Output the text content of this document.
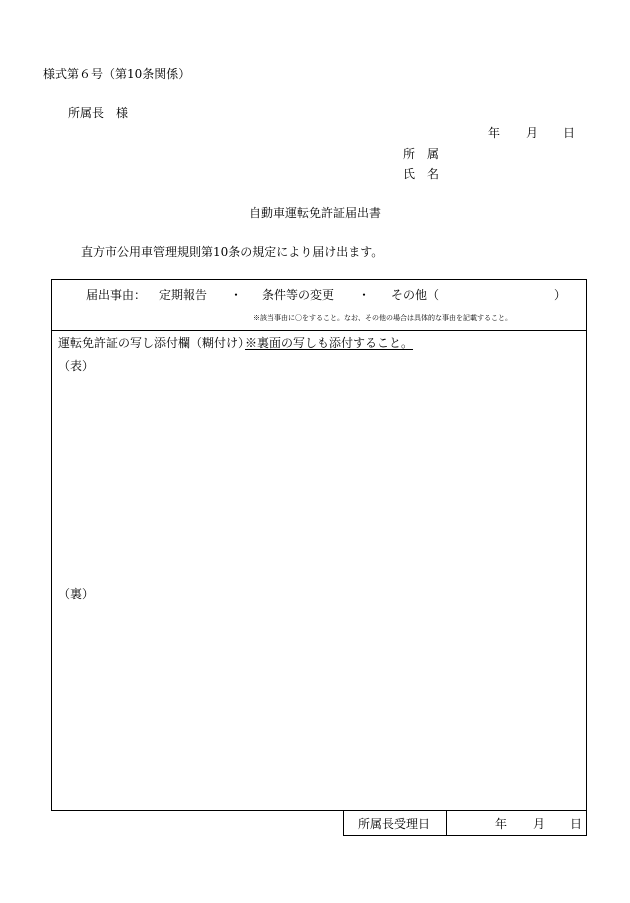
様式第６号（第10条関係）
所属長　様
年 月 日
所　属
氏　名
自動車運転免許証届出書
直方市公用車管理規則第10条の規定により届け出ます。
届出事由： 定期報告 ・ 条件等の変更 ・ その他（	）
※該当事由に〇をすること。なお、その他の場合は具体的な事由を記載すること。
運転免許証の写し添付欄（糊付け）
※裏面の写しも添付すること。
（表）
（裏）
所属長受理日	年 月 日
